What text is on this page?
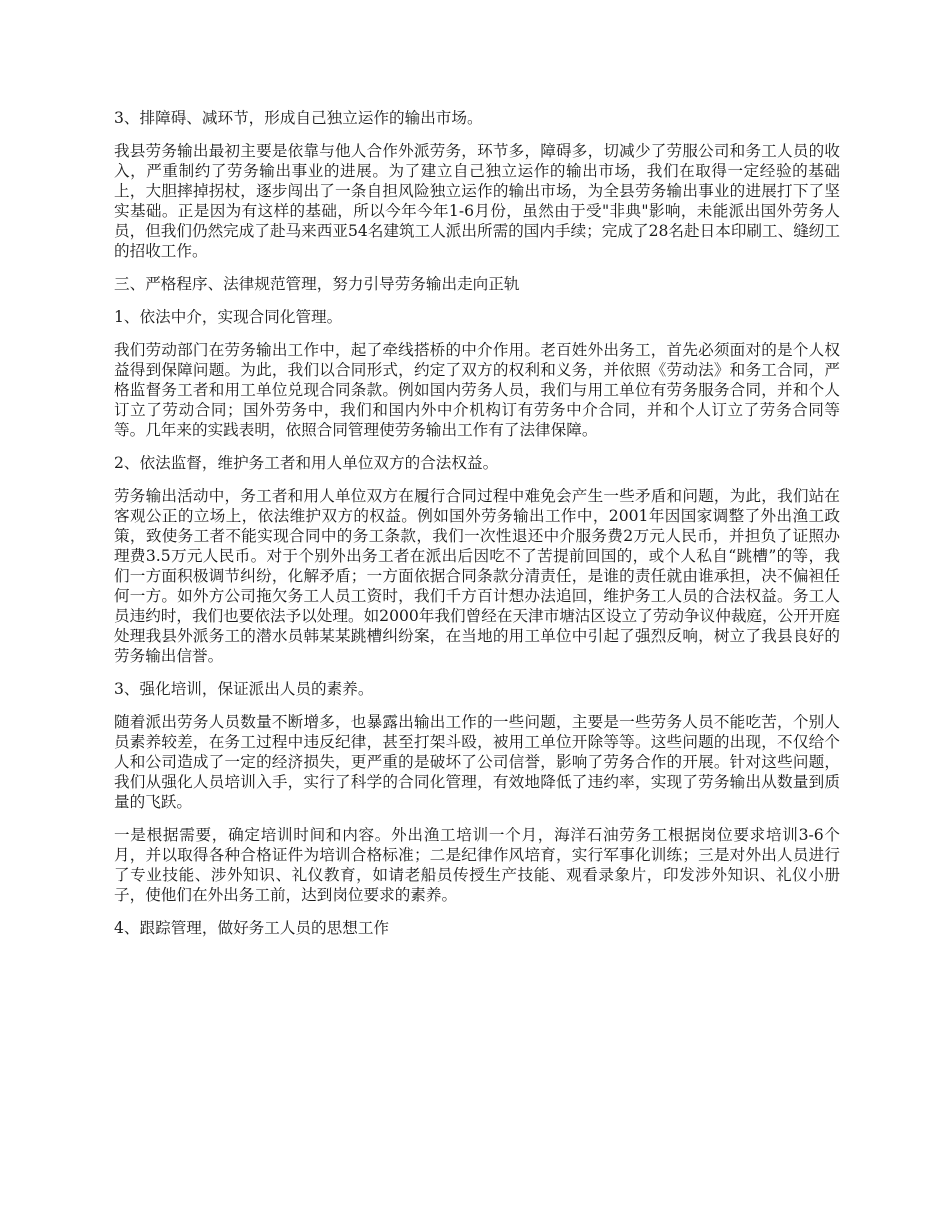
3、排障碍、减环节，形成自己独立运作的输出市场。
我县劳务输出最初主要是依靠与他人合作外派劳务，环节多，障碍多，切减少了劳服公司和务工人员的收入，严重制约了劳务输出事业的进展。为了建立自己独立运作的输出市场，我们在取得一定经验的基础上，大胆摔掉拐杖，逐步闯出了一条自担风险独立运作的输出市场，为全县劳务输出事业的进展打下了坚实基础。正是因为有这样的基础，所以今年今年1-6月份，虽然由于受"非典"影响，未能派出国外劳务人员，但我们仍然完成了赴马来西亚54名建筑工人派出所需的国内手续；完成了28名赴日本印刷工、缝纫工的招收工作。
三、严格程序、法律规范管理，努力引导劳务输出走向正轨
1、依法中介，实现合同化管理。
我们劳动部门在劳务输出工作中，起了牵线搭桥的中介作用。老百姓外出务工，首先必须面对的是个人权益得到保障问题。为此，我们以合同形式，约定了双方的权利和义务，并依照《劳动法》和务工合同，严格监督务工者和用工单位兑现合同条款。例如国内劳务人员，我们与用工单位有劳务服务合同，并和个人订立了劳动合同；国外劳务中，我们和国内外中介机构订有劳务中介合同，并和个人订立了劳务合同等等。几年来的实践表明，依照合同管理使劳务输出工作有了法律保障。
2、依法监督，维护务工者和用人单位双方的合法权益。
劳务输出活动中，务工者和用人单位双方在履行合同过程中难免会产生一些矛盾和问题，为此，我们站在客观公正的立场上，依法维护双方的权益。例如国外劳务输出工作中，2001年因国家调整了外出渔工政策，致使务工者不能实现合同中的务工条款，我们一次性退还中介服务费2万元人民币，并担负了证照办理费3.5万元人民币。对于个别外出务工者在派出后因吃不了苦提前回国的，或个人私自“跳槽”的等，我们一方面积极调节纠纷，化解矛盾；一方面依据合同条款分清责任，是谁的责任就由谁承担，决不偏袒任何一方。如外方公司拖欠务工人员工资时，我们千方百计想办法追回，维护务工人员的合法权益。务工人员违约时，我们也要依法予以处理。如2000年我们曾经在天津市塘沽区设立了劳动争议仲裁庭，公开开庭处理我县外派务工的潜水员韩某某跳槽纠纷案，在当地的用工单位中引起了强烈反响，树立了我县良好的劳务输出信誉。
3、强化培训，保证派出人员的素养。
随着派出劳务人员数量不断增多，也暴露出输出工作的一些问题，主要是一些劳务人员不能吃苦，个别人员素养较差，在务工过程中违反纪律，甚至打架斗殴，被用工单位开除等等。这些问题的出现，不仅给个人和公司造成了一定的经济损失，更严重的是破坏了公司信誉，影响了劳务合作的开展。针对这些问题，我们从强化人员培训入手，实行了科学的合同化管理，有效地降低了违约率，实现了劳务输出从数量到质量的飞跃。
一是根据需要，确定培训时间和内容。外出渔工培训一个月，海洋石油劳务工根据岗位要求培训3-6个月，并以取得各种合格证件为培训合格标准；二是纪律作风培育，实行军事化训练；三是对外出人员进行了专业技能、涉外知识、礼仪教育，如请老船员传授生产技能、观看录象片，印发涉外知识、礼仪小册子，使他们在外出务工前，达到岗位要求的素养。
4、跟踪管理，做好务工人员的思想工作
